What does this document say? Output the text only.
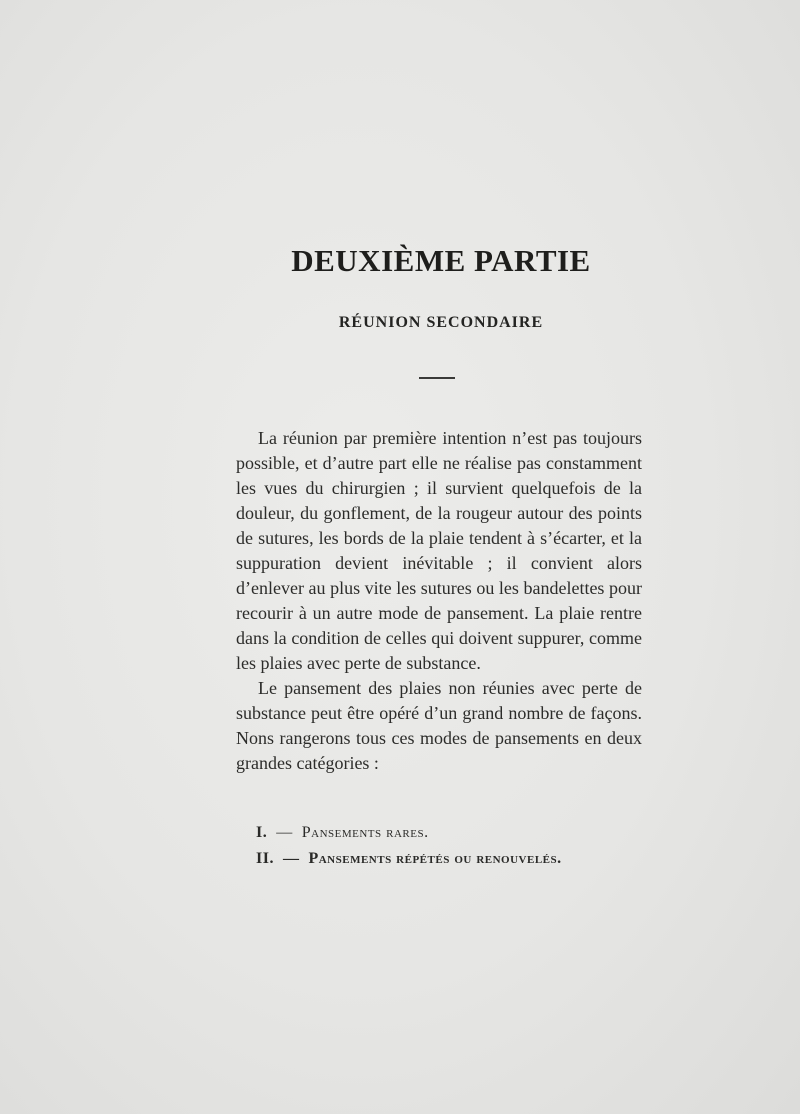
DEUXIÈME PARTIE
RÉUNION SECONDAIRE

La réunion par première intention n’est pas toujours possible, et d’autre part elle ne réalise pas constamment les vues du chirurgien ; il survient quelquefois de la douleur, du gonflement, de la rougeur autour des points de sutures, les bords de la plaie tendent à s’écarter, et la suppuration devient inévitable ; il convient alors d’enlever au plus vite les sutures ou les bandelettes pour recourir à un autre mode de pansement. La plaie rentre dans la condition de celles qui doivent suppurer, comme les plaies avec perte de substance.

Le pansement des plaies non réunies avec perte de substance peut être opéré d’un grand nombre de façons. Nons rangerons tous ces modes de pansements en deux grandes catégories :

I. — Pansements rares.
II. — Pansements répétés ou renouvelés.
